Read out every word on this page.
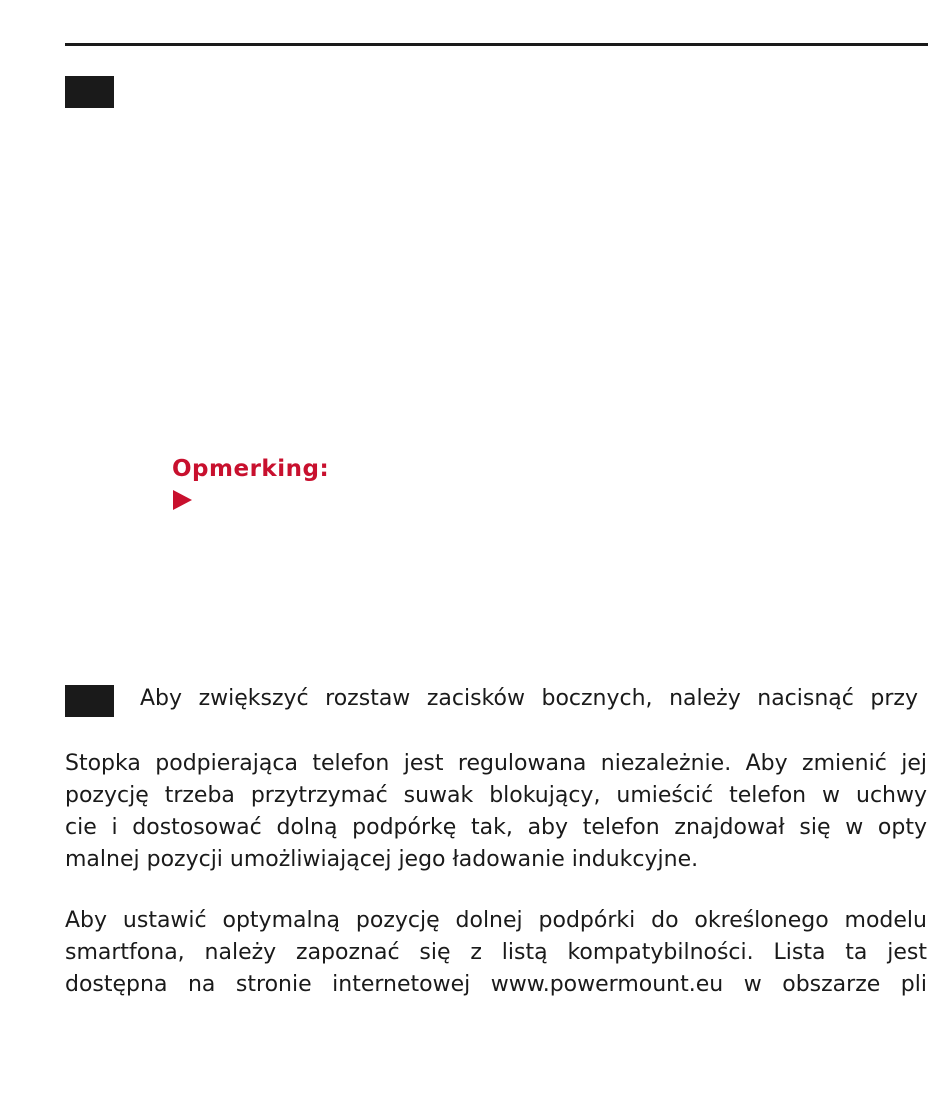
Opmerking:
Aby zwiększyć rozstaw zacisków bocznych, należy nacisnąć przy
Stopka podpierająca telefon jest regulowana niezależnie. Aby zmienić jej
pozycję trzeba przytrzymać suwak blokujący, umieścić telefon w uchwy
cie i dostosować dolną podpórkę tak, aby telefon znajdował się w opty
malnej pozycji umożliwiającej jego ładowanie indukcyjne.
Aby ustawić optymalną pozycję dolnej podpórki do określonego modelu
smartfona, należy zapoznać się z listą kompatybilności. Lista ta jest
dostępna na stronie internetowej www.powermount.eu w obszarze pli
